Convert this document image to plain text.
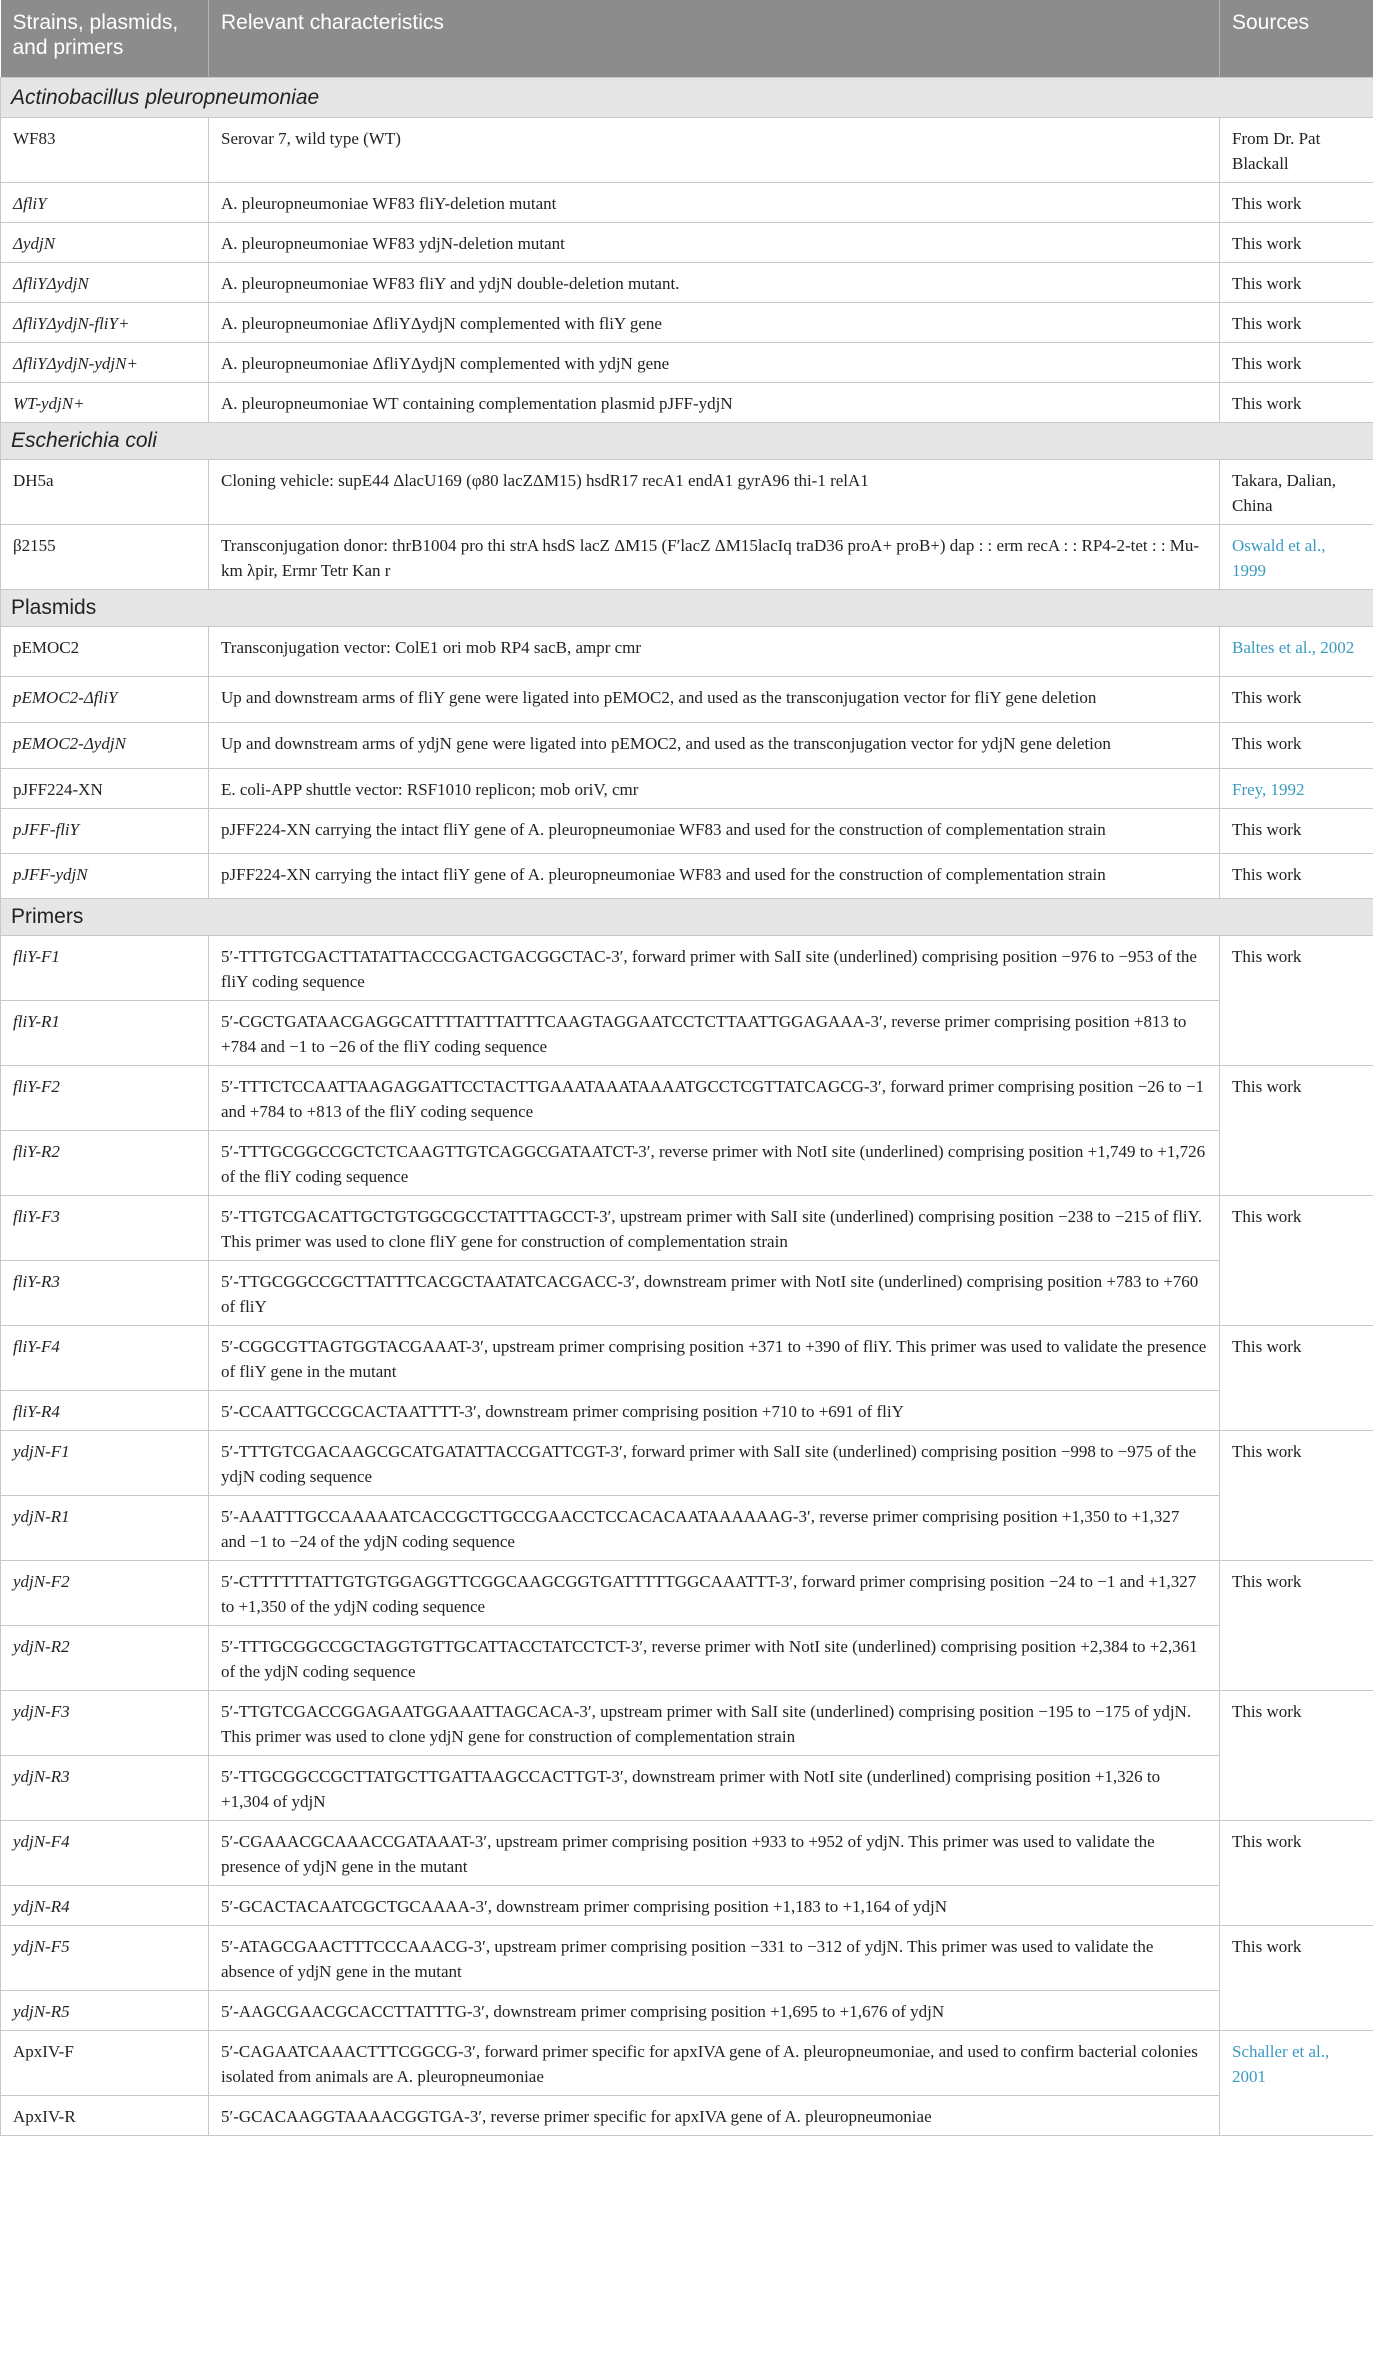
Strains, plasmids, and primers	Relevant characteristics	Sources
Actinobacillus pleuropneumoniae		
WF83	Serovar 7, wild type (WT)	From Dr. Pat Blackall
ΔfliY	A. pleuropneumoniae WF83 fliY-deletion mutant	This work
ΔydjN	A. pleuropneumoniae WF83 ydjN-deletion mutant	This work
ΔfliYΔydjN	A. pleuropneumoniae WF83 fliY and ydjN double-deletion mutant.	This work
ΔfliYΔydjN-fliY+	A. pleuropneumoniae ΔfliYΔydjN complemented with fliY gene	This work
ΔfliYΔydjN-ydjN+	A. pleuropneumoniae ΔfliYΔydjN complemented with ydjN gene	This work
WT-ydjN+	A. pleuropneumoniae WT containing complementation plasmid pJFF-ydjN	This work
Escherichia coli		
DH5a	Cloning vehicle: supE44 ΔlacU169 (φ80 lacZΔM15) hsdR17 recA1 endA1 gyrA96 thi-1 relA1	Takara, Dalian, China
β2155	Transconjugation donor: thrB1004 pro thi strA hsdS lacZ ΔM15 (F′lacZ ΔM15lacIq traD36 proA+ proB+) dap : : erm recA : : RP4-2-tet : : Mu-km λpir, Ermr Tetr Kan r	Oswald et al., 1999
Plasmids		
pEMOC2	Transconjugation vector: ColE1 ori mob RP4 sacB, ampr cmr	Baltes et al., 2002
pEMOC2-ΔfliY	Up and downstream arms of fliY gene were ligated into pEMOC2, and used as the transconjugation vector for fliY gene deletion	This work
pEMOC2-ΔydjN	Up and downstream arms of ydjN gene were ligated into pEMOC2, and used as the transconjugation vector for ydjN gene deletion	This work
pJFF224-XN	E. coli-APP shuttle vector: RSF1010 replicon; mob oriV, cmr	Frey, 1992
pJFF-fliY	pJFF224-XN carrying the intact fliY gene of A. pleuropneumoniae WF83 and used for the construction of complementation strain	This work
pJFF-ydjN	pJFF224-XN carrying the intact fliY gene of A. pleuropneumoniae WF83 and used for the construction of complementation strain	This work
Primers		
fliY-F1	5′-TTTGTCGACTTATATTACCCGACTGACGGCTAC-3′, forward primer with SalI site (underlined) comprising position −976 to −953 of the fliY coding sequence	This work
fliY-R1	5′-CGCTGATAACGAGGCATTTTATTTATTTCAAGTAGGAATCCTCTTAATTGGAGAAA-3′, reverse primer comprising position +813 to +784 and −1 to −26 of the fliY coding sequence	
fliY-F2	5′-TTTCTCCAATTAAGAGGATTCCTACTTGAAATAAATAAAATGCCTCGTTATCAGCG-3′, forward primer comprising position −26 to −1 and +784 to +813 of the fliY coding sequence	This work
fliY-R2	5′-TTTGCGGCCGCTCTCAAGTTGTCAGGCGATAATCT-3′, reverse primer with NotI site (underlined) comprising position +1,749 to +1,726 of the fliY coding sequence	
fliY-F3	5′-TTGTCGACATTGCTGTGGCGCCTATTTAGCCT-3′, upstream primer with SalI site (underlined) comprising position −238 to −215 of fliY. This primer was used to clone fliY gene for construction of complementation strain	This work
fliY-R3	5′-TTGCGGCCGCTTATTTCACGCTAATATCACGACC-3′, downstream primer with NotI site (underlined) comprising position +783 to +760 of fliY	
fliY-F4	5′-CGGCGTTAGTGGTACGAAAT-3′, upstream primer comprising position +371 to +390 of fliY. This primer was used to validate the presence of fliY gene in the mutant	This work
fliY-R4	5′-CCAATTGCCGCACTAATTTT-3′, downstream primer comprising position +710 to +691 of fliY	
ydjN-F1	5′-TTTGTCGACAAGCGCATGATATTACCGATTCGT-3′, forward primer with SalI site (underlined) comprising position −998 to −975 of the ydjN coding sequence	This work
ydjN-R1	5′-AAATTTGCCAAAAATCACCGCTTGCCGAACCTCCACACAATAAAAAAG-3′, reverse primer comprising position +1,350 to +1,327 and −1 to −24 of the ydjN coding sequence	
ydjN-F2	5′-CTTTTTTATTGTGTGGAGGTTCGGCAAGCGGTGATTTTTGGCAAATTT-3′, forward primer comprising position −24 to −1 and +1,327 to +1,350 of the ydjN coding sequence	This work
ydjN-R2	5′-TTTGCGGCCGCTAGGTGTTGCATTACCTATCCTCT-3′, reverse primer with NotI site (underlined) comprising position +2,384 to +2,361 of the ydjN coding sequence	
ydjN-F3	5′-TTGTCGACCGGAGAATGGAAATTAGCACA-3′, upstream primer with SalI site (underlined) comprising position −195 to −175 of ydjN. This primer was used to clone ydjN gene for construction of complementation strain	This work
ydjN-R3	5′-TTGCGGCCGCTTATGCTTGATTAAGCCACTTGT-3′, downstream primer with NotI site (underlined) comprising position +1,326 to +1,304 of ydjN	
ydjN-F4	5′-CGAAACGCAAACCGATAAAT-3′, upstream primer comprising position +933 to +952 of ydjN. This primer was used to validate the presence of ydjN gene in the mutant	This work
ydjN-R4	5′-GCACTACAATCGCTGCAAAA-3′, downstream primer comprising position +1,183 to +1,164 of ydjN	
ydjN-F5	5′-ATAGCGAACTTTCCCAAACG-3′, upstream primer comprising position −331 to −312 of ydjN. This primer was used to validate the absence of ydjN gene in the mutant	This work
ydjN-R5	5′-AAGCGAACGCACCTTATTTG-3′, downstream primer comprising position +1,695 to +1,676 of ydjN	
ApxIV-F	5′-CAGAATCAAACTTTCGGCG-3′, forward primer specific for apxIVA gene of A. pleuropneumoniae, and used to confirm bacterial colonies isolated from animals are A. pleuropneumoniae	Schaller et al., 2001
ApxIV-R	5′-GCACAAGGTAAAACGGTGA-3′, reverse primer specific for apxIVA gene of A. pleuropneumoniae	
